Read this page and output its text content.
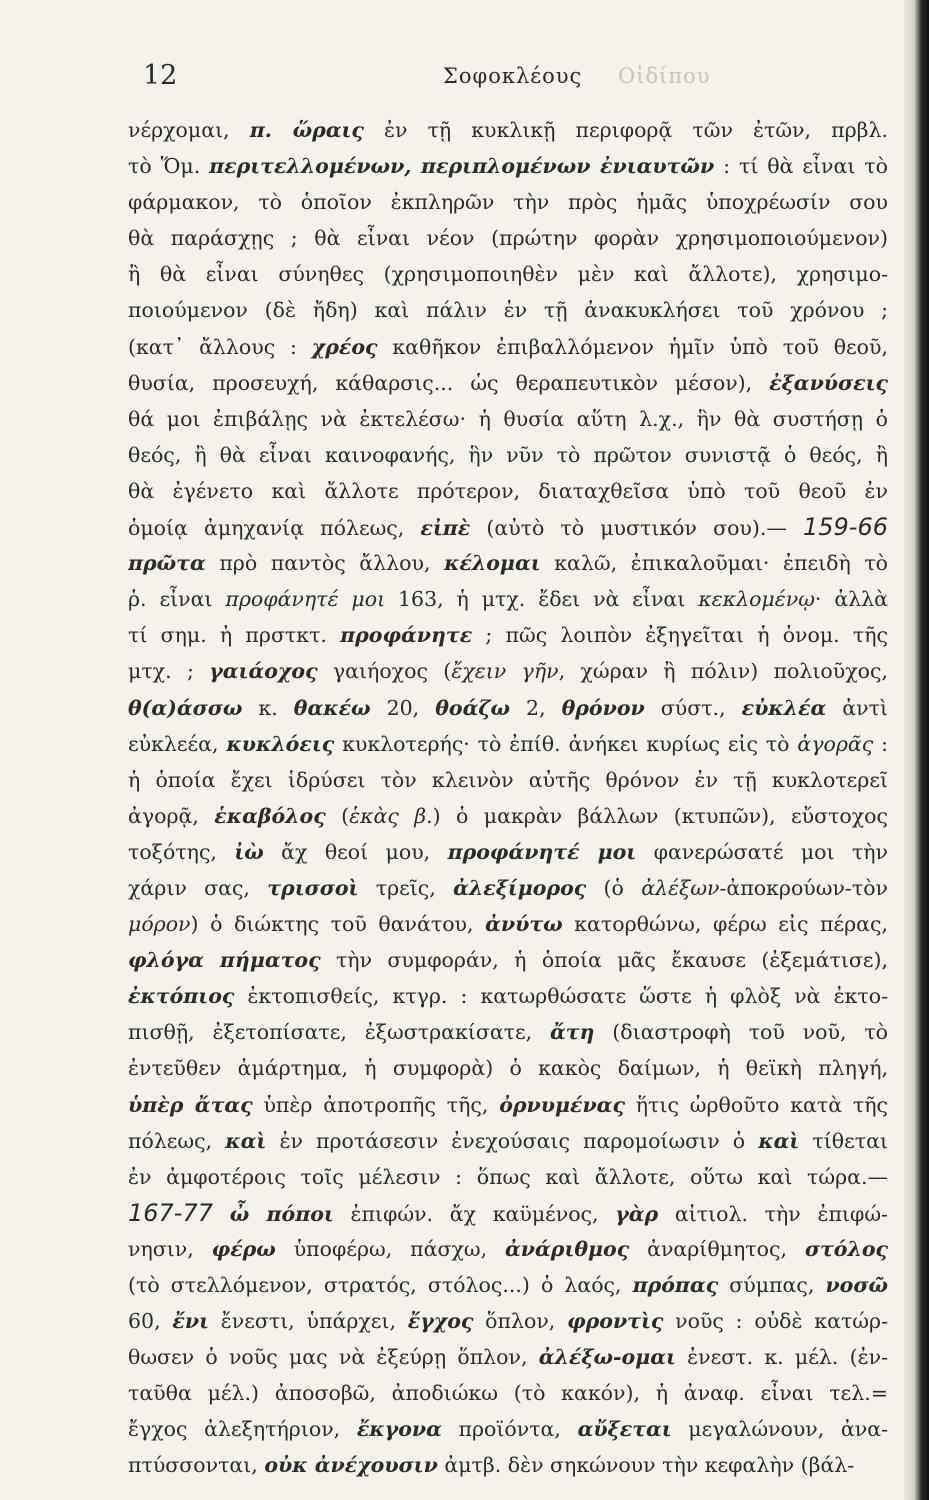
12	Σοφοκλέους Οἰδίπου
νέρχομαι, π. ὥραις ἐν τῇ κυκλικῇ περιφορᾷ τῶν ἐτῶν, πρβλ.
τὸ Ὅμ. περιτελλομένων, περιπλομένων ἐνιαυτῶν : τί θὰ εἶναι τὸ
φάρμακον, τὸ ὁποῖον ἐκπληρῶν τὴν πρὸς ἡμᾶς ὑποχρέωσίν σου
θὰ παράσχῃς ; θὰ εἶναι νέον (πρώτην φορὰν χρησιμοποιούμενον)
ἢ θὰ εἶναι σύνηθες (χρησιμοποιηθὲν μὲν καὶ ἄλλοτε), χρησιμο-
ποιούμενον (δὲ ἤδη) καὶ πάλιν ἐν τῇ ἀνακυκλήσει τοῦ χρόνου ;
(κατ᾿ ἄλλους : χρέος καθῆκον ἐπιβαλλόμενον ἡμῖν ὑπὸ τοῦ θεοῦ,
θυσία, προσευχή, κάθαρσις... ὡς θεραπευτικὸν μέσον), ἐξανύσεις
θά μοι ἐπιβάλῃς νὰ ἐκτελέσω· ἡ θυσία αὕτη λ.χ., ἣν θὰ συστήσῃ ὁ
θεός, ἢ θὰ εἶναι καινοφανής, ἣν νῦν τὸ πρῶτον συνιστᾷ ὁ θεός, ἢ
θὰ ἐγένετο καὶ ἄλλοτε πρότερον, διαταχθεῖσα ὑπὸ τοῦ θεοῦ ἐν
ὁμοίᾳ ἀμηχανίᾳ πόλεως, εἰπὲ (αὐτὸ τὸ μυστικόν σου).— 159-66
πρῶτα πρὸ παντὸς ἄλλου, κέλομαι καλῶ, ἐπικαλοῦμαι· ἐπειδὴ τὸ
ῥ. εἶναι προφάνητέ μοι 163, ἡ μτχ. ἔδει νὰ εἶναι κεκλομένῳ· ἀλλὰ
τί σημ. ἡ πρστκτ. προφάνητε ; πῶς λοιπὸν ἐξηγεῖται ἡ ὀνομ. τῆς
μτχ. ; γαιάοχος γαιήοχος (ἔχειν γῆν, χώραν ἢ πόλιν) πολιοῦχος,
θ(α)άσσω κ. θακέω 20, θοάζω 2, θρόνον σύστ., εὐκλέα ἀντὶ
εὐκλεέα, κυκλόεις κυκλοτερής· τὸ ἐπίθ. ἀνήκει κυρίως εἰς τὸ ἀγορᾶς :
ἡ ὁποία ἔχει ἱδρύσει τὸν κλεινὸν αὐτῆς θρόνον ἐν τῇ κυκλοτερεῖ
ἀγορᾷ, ἑκαβόλος (ἑκὰς β.) ὁ μακρὰν βάλλων (κτυπῶν), εὔστοχος
τοξότης, ἰὼ ἄχ θεοί μου, προφάνητέ μοι φανερώσατέ μοι τὴν
χάριν σας, τρισσοὶ τρεῖς, ἀλεξίμορος (ὁ ἀλέξων-ἀποκρούων-τὸν
μόρον) ὁ διώκτης τοῦ θανάτου, ἀνύτω κατορθώνω, φέρω εἰς πέρας,
φλόγα πήματος τὴν συμφοράν, ἡ ὁποία μᾶς ἔκαυσε (ἐξεμάτισε),
ἐκτόπιος ἐκτοπισθείς, κτγρ. : κατωρθώσατε ὥστε ἡ φλὸξ νὰ ἐκτο-
πισθῇ, ἐξετοπίσατε, ἐξωστρακίσατε, ἄτη (διαστροφὴ τοῦ νοῦ, τὸ
ἐντεῦθεν ἁμάρτημα, ἡ συμφορὰ) ὁ κακὸς δαίμων, ἡ θεϊκὴ πληγή,
ὑπὲρ ἄτας ὑπὲρ ἀποτροπῆς τῆς, ὀρνυμένας ἥτις ὠρθοῦτο κατὰ τῆς
πόλεως, καὶ ἐν προτάσεσιν ἐνεχούσαις παρομοίωσιν ὁ καὶ τίθεται
ἐν ἀμφοτέροις τοῖς μέλεσιν : ὅπως καὶ ἄλλοτε, οὕτω καὶ τώρα.—
167-77 ὦ πόποι ἐπιφών. ἄχ καϋμένος, γὰρ αἰτιολ. τὴν ἐπιφώ-
νησιν, φέρω ὑποφέρω, πάσχω, ἀνάριθμος ἀναρίθμητος, στόλος
(τὸ στελλόμενον, στρατός, στόλος...) ὁ λαός, πρόπας σύμπας, νοσῶ
60, ἔνι ἔνεστι, ὑπάρχει, ἔγχος ὅπλον, φροντὶς νοῦς : οὐδὲ κατώρ-
θωσεν ὁ νοῦς μας νὰ ἐξεύρῃ ὅπλον, ἀλέξω-ομαι ἐνεστ. κ. μέλ. (ἐν-
ταῦθα μέλ.) ἀποσοβῶ, ἀποδιώκω (τὸ κακόν), ἡ ἀναφ. εἶναι τελ.=
ἔγχος ἀλεξητήριον, ἔκγονα προϊόντα, αὔξεται μεγαλώνουν, ἀνα-
πτύσσονται, οὐκ ἀνέχουσιν ἀμτβ. δὲν σηκώνουν τὴν κεφαλὴν (βάλ-
